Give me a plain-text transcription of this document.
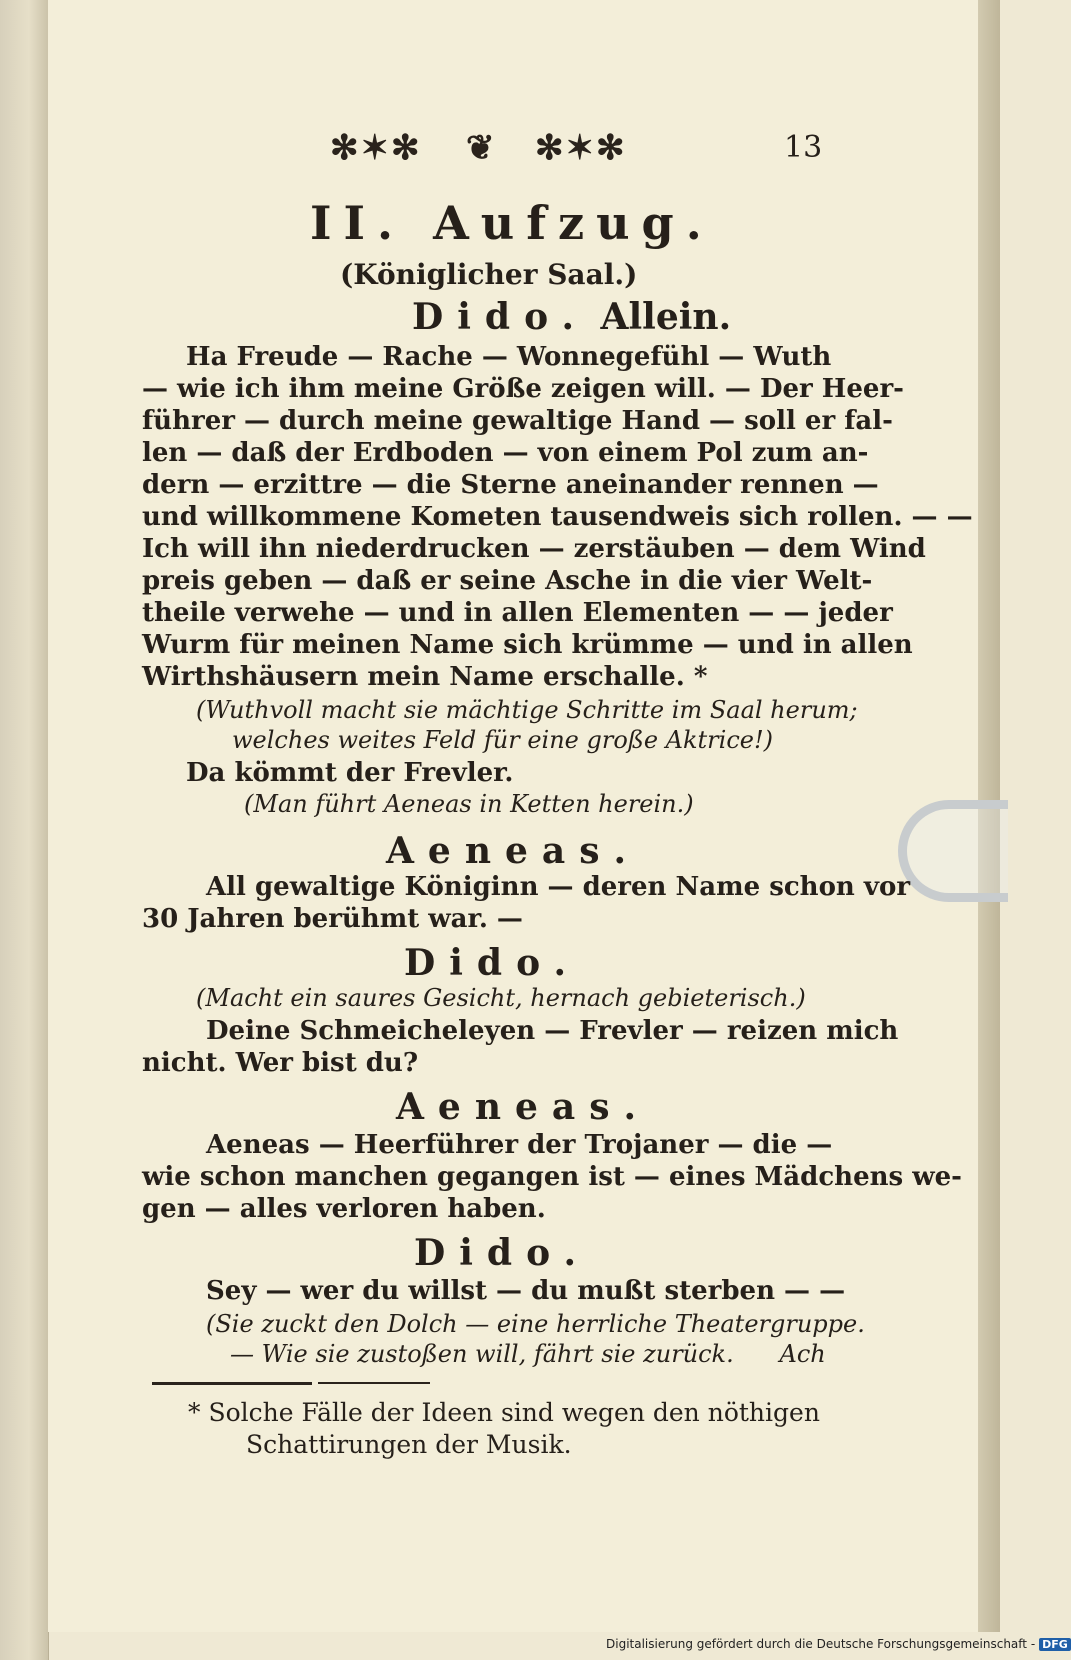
✻✶✻ ❦ ✻✶✻	13
II. Aufzug.
(Königlicher Saal.)
Dido. Allein.
Ha Freude — Rache — Wonnegefühl — Wuth
— wie ich ihm meine Größe zeigen will. — Der Heer-
führer — durch meine gewaltige Hand — soll er fal-
len — daß der Erdboden — von einem Pol zum an-
dern — erzittre — die Sterne aneinander rennen —
und willkommene Kometen tausendweis sich rollen. — —
Ich will ihn niederdrucken — zerstäuben — dem Wind
preis geben — daß er seine Asche in die vier Welt-
theile verwehe — und in allen Elementen — — jeder
Wurm für meinen Name sich krümme — und in allen
Wirthshäusern mein Name erschalle. *
(Wuthvoll macht sie mächtige Schritte im Saal herum;
welches weites Feld für eine große Aktrice!)
Da kömmt der Frevler.
(Man führt Aeneas in Ketten herein.)
Aeneas.
All gewaltige Königinn — deren Name schon vor
30 Jahren berühmt war. —
Dido.
(Macht ein saures Gesicht, hernach gebieterisch.)
Deine Schmeicheleyen — Frevler — reizen mich
nicht. Wer bist du?
Aeneas.
Aeneas — Heerführer der Trojaner — die —
wie schon manchen gegangen ist — eines Mädchens we-
gen — alles verloren haben.
Dido.
Sey — wer du willst — du mußt sterben — —
(Sie zuckt den Dolch — eine herrliche Theatergruppe.
— Wie sie zustoßen will, fährt sie zurück.      Ach
* Solche Fälle der Ideen sind wegen den nöthigen
Schattirungen der Musik.
Digitalisierung gefördert durch die Deutsche Forschungsgemeinschaft - DFG
